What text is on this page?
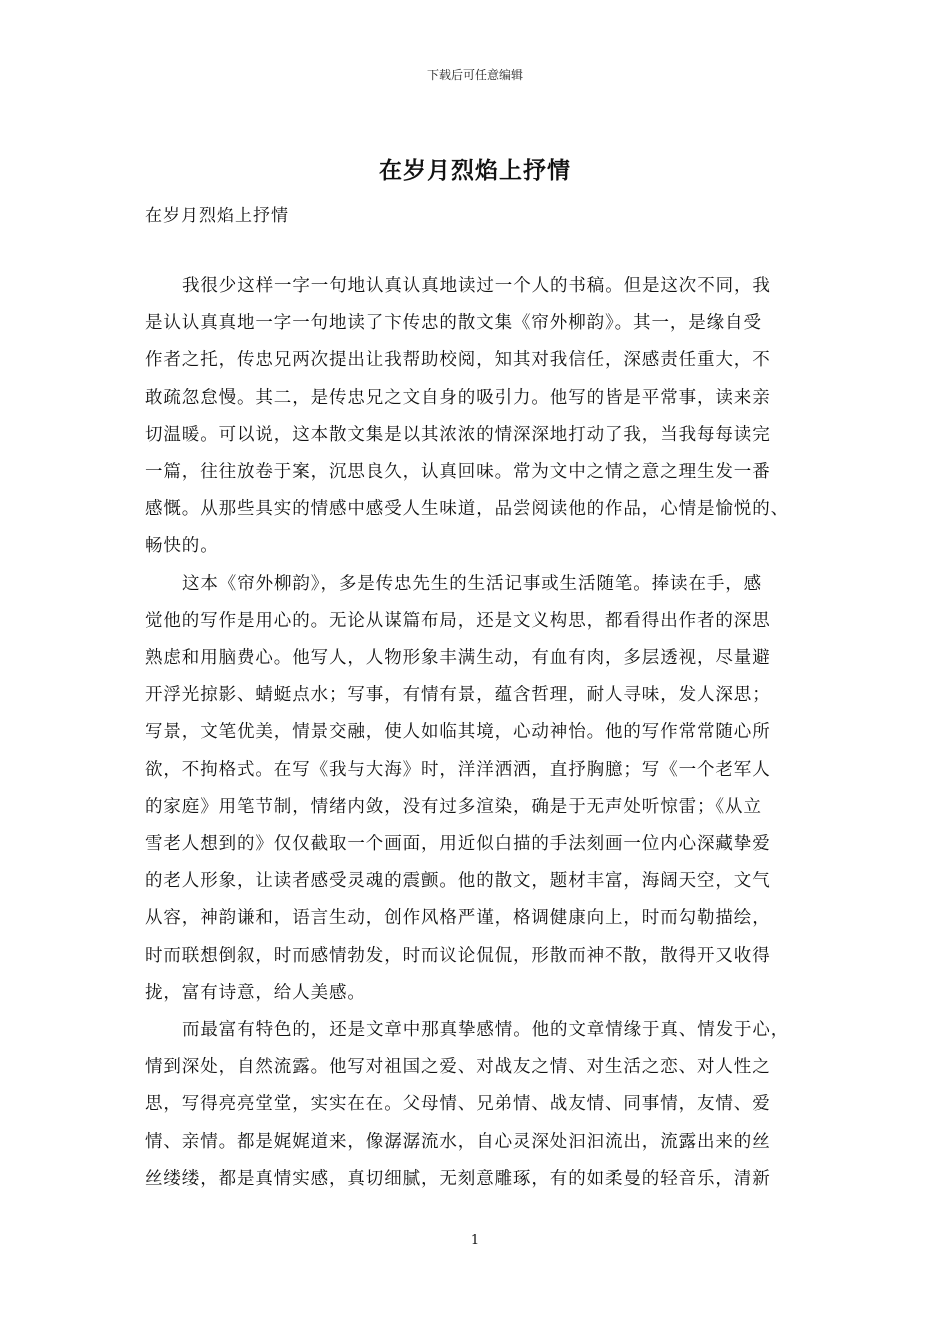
下载后可任意编辑
在岁月烈焰上抒情
在岁月烈焰上抒情
我很少这样一字一句地认真认真地读过一个人的书稿。但是这次不同，我
是认认真真地一字一句地读了卞传忠的散文集《帘外柳韵》。其一，是缘自受
作者之托，传忠兄两次提出让我帮助校阅，知其对我信任，深感责任重大，不
敢疏忽怠慢。其二，是传忠兄之文自身的吸引力。他写的皆是平常事，读来亲
切温暖。可以说，这本散文集是以其浓浓的情深深地打动了我，当我每每读完
一篇，往往放卷于案，沉思良久，认真回味。常为文中之情之意之理生发一番
感慨。从那些具实的情感中感受人生味道，品尝阅读他的作品，心情是愉悦的、
畅快的。
这本《帘外柳韵》，多是传忠先生的生活记事或生活随笔。捧读在手，感
觉他的写作是用心的。无论从谋篇布局，还是文义构思，都看得出作者的深思
熟虑和用脑费心。他写人，人物形象丰满生动，有血有肉，多层透视，尽量避
开浮光掠影、蜻蜓点水；写事，有情有景，蕴含哲理，耐人寻味，发人深思；
写景，文笔优美，情景交融，使人如临其境，心动神怡。他的写作常常随心所
欲，不拘格式。在写《我与大海》时，洋洋洒洒，直抒胸臆；写《一个老军人
的家庭》用笔节制，情绪内敛，没有过多渲染，确是于无声处听惊雷；《从立
雪老人想到的》仅仅截取一个画面，用近似白描的手法刻画一位内心深藏挚爱
的老人形象，让读者感受灵魂的震颤。他的散文，题材丰富，海阔天空，文气
从容，神韵谦和，语言生动，创作风格严谨，格调健康向上，时而勾勒描绘，
时而联想倒叙，时而感情勃发，时而议论侃侃，形散而神不散，散得开又收得
拢，富有诗意，给人美感。
而最富有特色的，还是文章中那真挚感情。他的文章情缘于真、情发于心，
情到深处，自然流露。他写对祖国之爱、对战友之情、对生活之恋、对人性之
思，写得亮亮堂堂，实实在在。父母情、兄弟情、战友情、同事情，友情、爱
情、亲情。都是娓娓道来，像潺潺流水，自心灵深处汩汩流出，流露出来的丝
丝缕缕，都是真情实感，真切细腻，无刻意雕琢，有的如柔曼的轻音乐，清新
1
